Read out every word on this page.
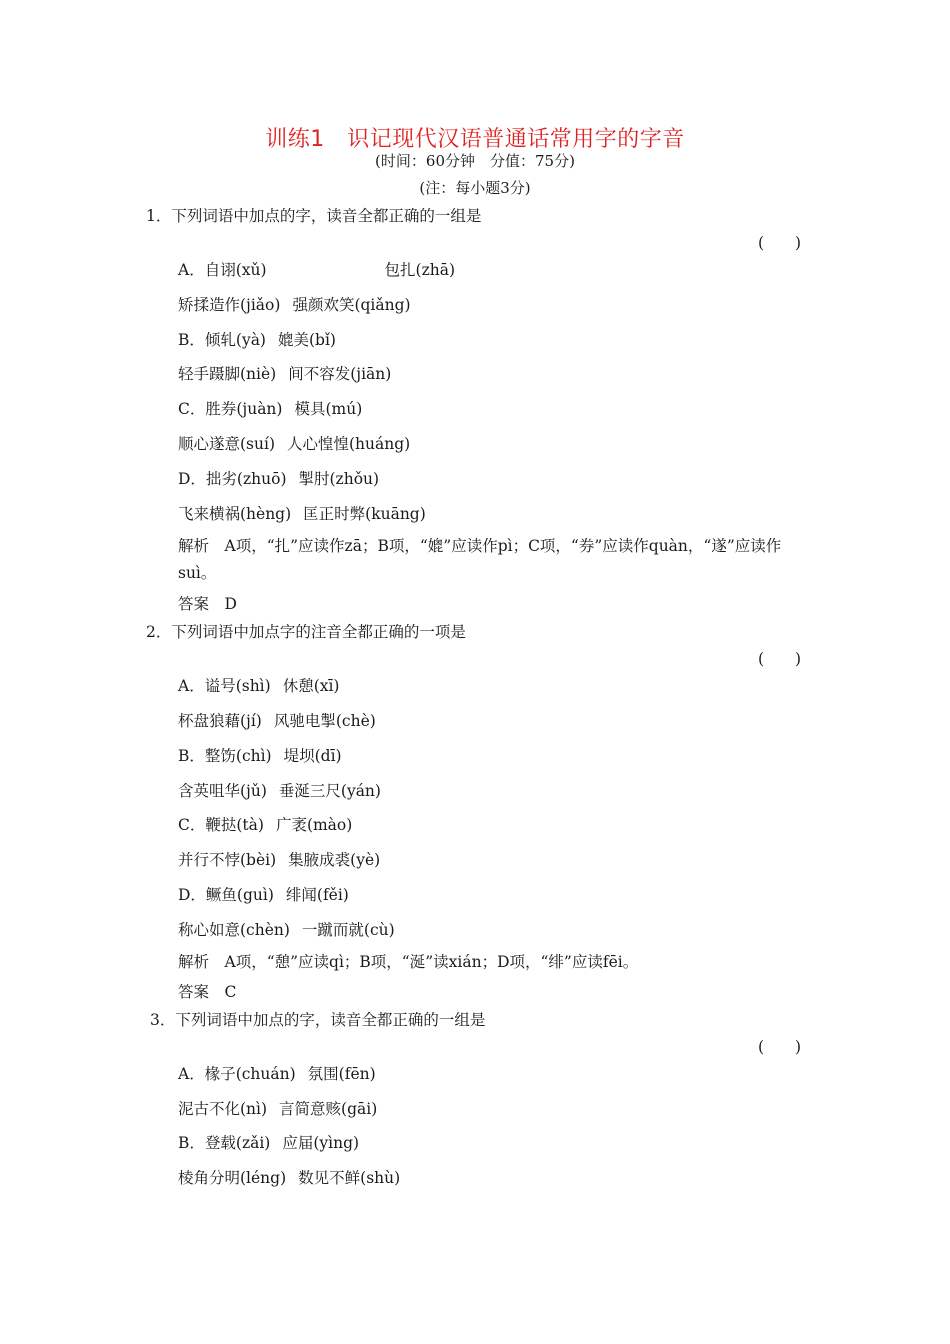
训练1　识记现代汉语普通话常用字的字音
(时间：60分钟　分值：75分)
(注：每小题3分)
1．下列词语中加点的字，读音全都正确的一组是
(　　)
A．自诩(xǔ)	包扎(zhā)
矫揉造作(jiǎo) 强颜欢笑(qiǎng)
B．倾轧(yà) 媲美(bǐ)
轻手蹑脚(niè) 间不容发(jiān)
C．胜券(juàn) 模具(mú)
顺心遂意(suí) 人心惶惶(huáng)
D．拙劣(zhuō) 掣肘(zhǒu)
飞来横祸(hèng) 匡正时弊(kuāng)
解析　A项，“扎”应读作zā；B项，“媲”应读作pì；C项，“券”应读作quàn，“遂”应读作suì。
答案　D
2．下列词语中加点字的注音全都正确的一项是
(　　)
A．谥号(shì) 休憩(xī)
杯盘狼藉(jí) 风驰电掣(chè)
B．整饬(chì) 堤坝(dī)
含英咀华(jǔ) 垂涎三尺(yán)
C．鞭挞(tà) 广袤(mào)
并行不悖(bèi) 集腋成裘(yè)
D．鳜鱼(guì) 绯闻(fěi)
称心如意(chèn) 一蹴而就(cù)
解析　A项，“憩”应读qì；B项，“涎”读xián；D项，“绯”应读fēi。
答案　C
3．下列词语中加点的字，读音全都正确的一组是
(　　)
A．椽子(chuán) 氛围(fēn)
泥古不化(nì) 言简意赅(gāi)
B．登载(zǎi) 应届(yìng)
棱角分明(léng) 数见不鲜(shù)
